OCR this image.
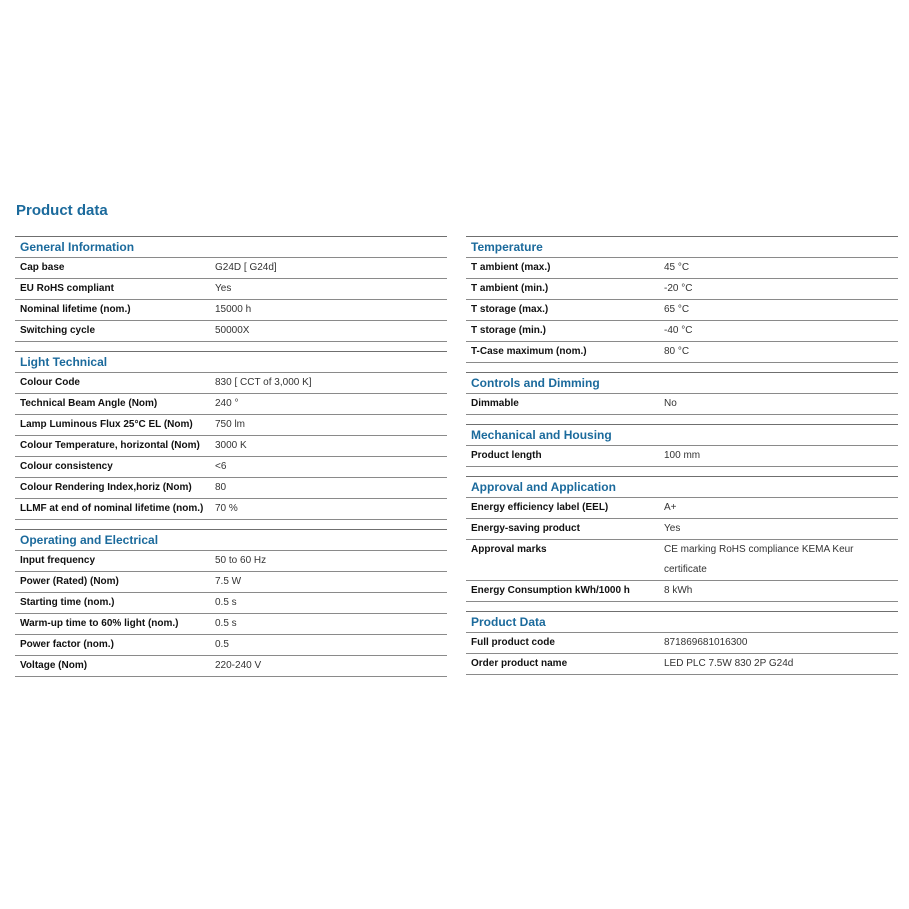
Product data
General Information
Cap base	G24D [ G24d]
EU RoHS compliant	Yes
Nominal lifetime (nom.)	15000 h
Switching cycle	50000X
Light Technical
Colour Code	830 [ CCT of 3,000 K]
Technical Beam Angle (Nom)	240 °
Lamp Luminous Flux 25°C EL (Nom)	750 lm
Colour Temperature, horizontal (Nom)	3000 K
Colour consistency	<6
Colour Rendering Index,horiz (Nom)	80
LLMF at end of nominal lifetime (nom.)	70 %
Operating and Electrical
Input frequency	50 to 60 Hz
Power (Rated) (Nom)	7.5 W
Starting time (nom.)	0.5 s
Warm-up time to 60% light (nom.)	0.5 s
Power factor (nom.)	0.5
Voltage (Nom)	220-240 V
Temperature
T ambient (max.)	45 °C
T ambient (min.)	-20 °C
T storage (max.)	65 °C
T storage (min.)	-40 °C
T-Case maximum (nom.)	80 °C
Controls and Dimming
Dimmable	No
Mechanical and Housing
Product length	100 mm
Approval and Application
Energy efficiency label (EEL)	A+
Energy-saving product	Yes
Approval marks	CE marking RoHS compliance KEMA Keur certificate
Energy Consumption kWh/1000 h	8 kWh
Product Data
Full product code	871869681016300
Order product name	LED PLC 7.5W 830 2P G24d
